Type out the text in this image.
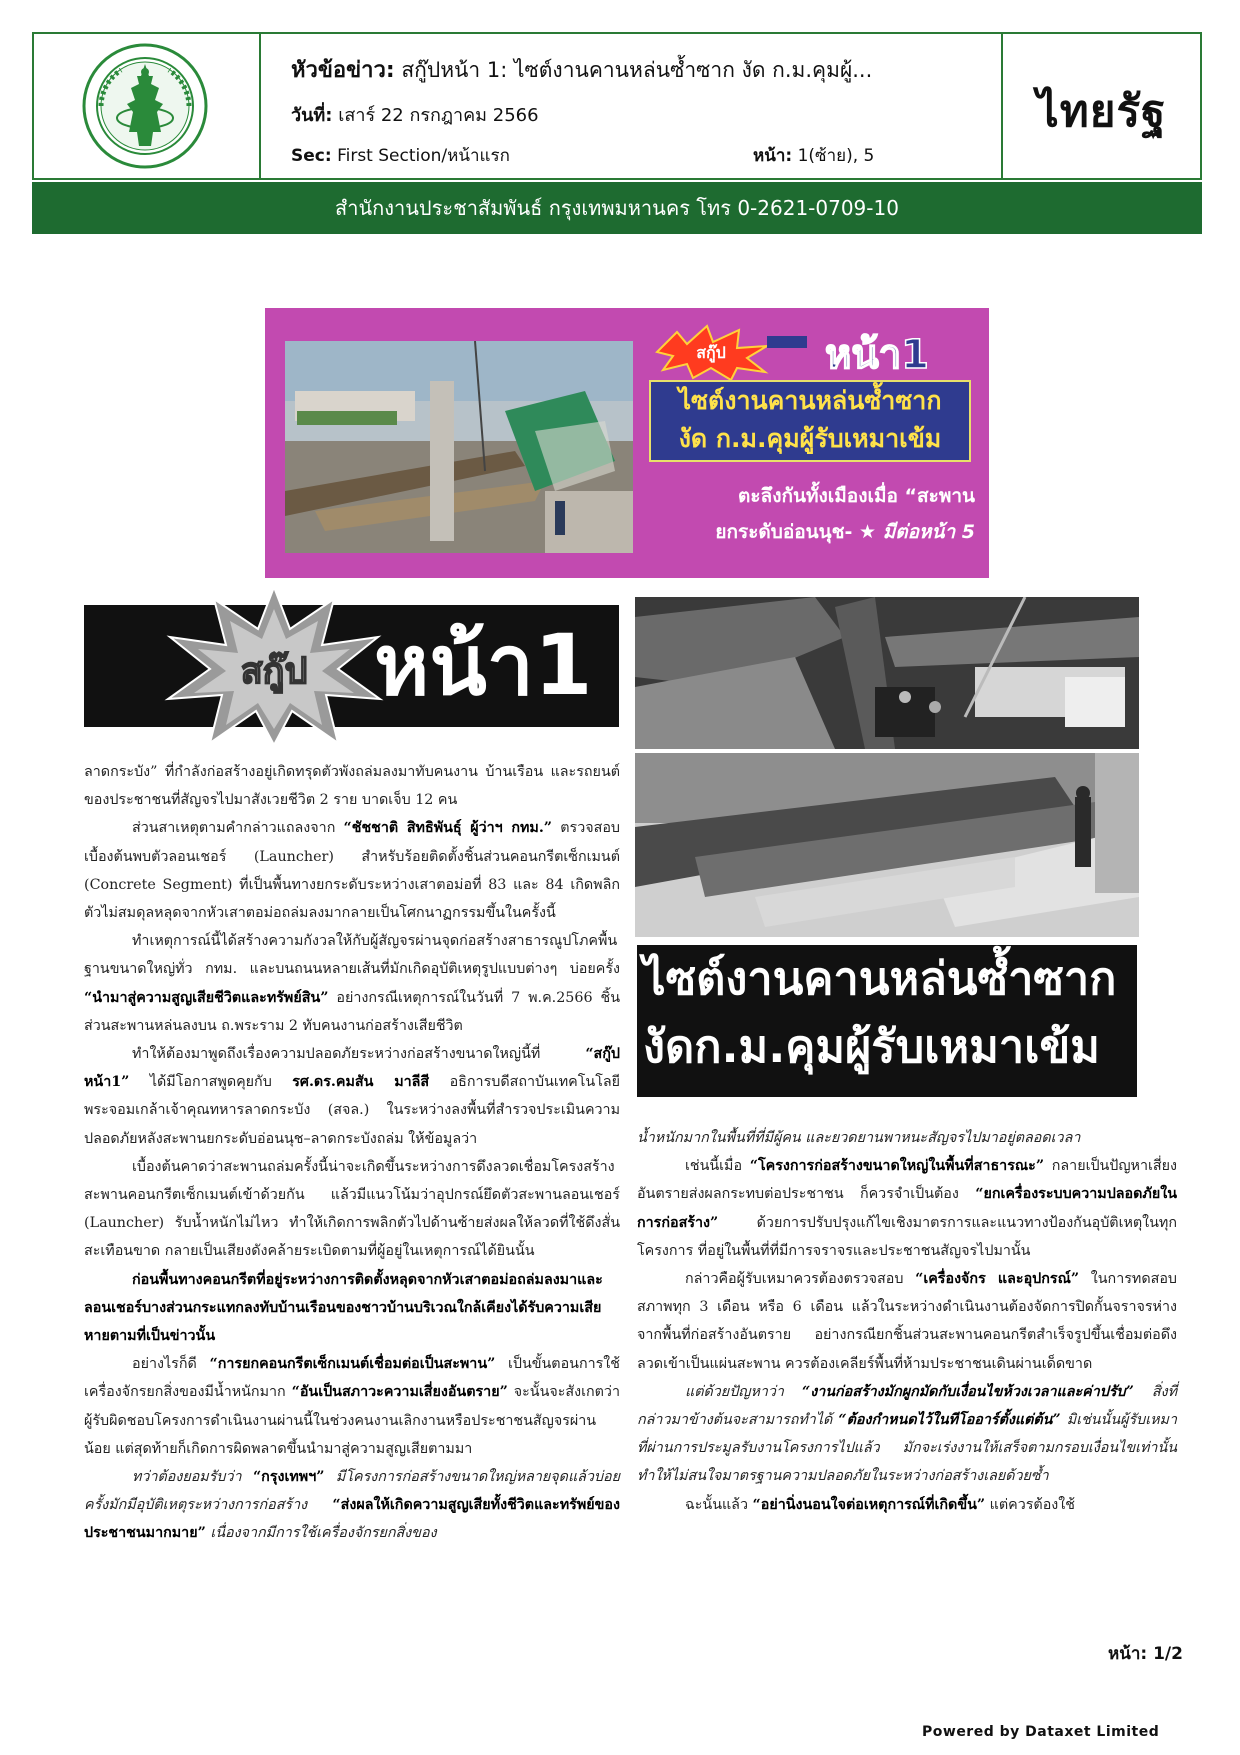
หัวข้อข่าว: สกู๊ปหน้า 1: ไซต์งานคานหล่นซ้ำซาก งัด ก.ม.คุมผู้...
วันที่: เสาร์ 22 กรกฎาคม 2566
Sec: First Section/หน้าแรก	หน้า: 1(ซ้าย), 5
ไทยรัฐ
สำนักงานประชาสัมพันธ์ กรุงเทพมหานคร โทร 0-2621-0709-10
สกู๊ป หน้า1
ไซต์งานคานหล่นซ้ำซาก
งัด ก.ม.คุมผู้รับเหมาเข้ม
ตะลึงกันทั้งเมืองเมื่อ “สะพาน
ยกระดับอ่อนนุช- ★ มีต่อหน้า 5
สกู๊ป หน้า1
ไซต์งานคานหล่นซ้ำซาก
งัดก.ม.คุมผู้รับเหมาเข้ม

ลาดกระบัง” ที่กำลังก่อสร้างอยู่เกิดทรุดตัวพังถล่มลงมาทับคนงาน บ้านเรือน และรถยนต์ของประชาชนที่สัญจรไปมาสังเวยชีวิต 2 ราย บาดเจ็บ 12 คน

ส่วนสาเหตุตามคำกล่าวแถลงจาก “ชัชชาติ สิทธิพันธุ์ ผู้ว่าฯ กทม.” ตรวจสอบเบื้องต้นพบตัวลอนเชอร์ (Launcher) สำหรับร้อยติดตั้งชิ้นส่วนคอนกรีตเซ็กเมนต์ (Concrete Segment) ที่เป็นพื้นทางยกระดับระหว่างเสาตอม่อที่ 83 และ 84 เกิดพลิกตัวไม่สมดุลหลุดจากหัวเสาตอม่อถล่มลงมากลายเป็นโศกนาฏกรรมขึ้นในครั้งนี้

ทำเหตุการณ์นี้ได้สร้างความกังวลให้กับผู้สัญจรผ่านจุดก่อสร้างสาธารณูปโภคพื้นฐานขนาดใหญ่ทั่ว กทม. และบนถนนหลายเส้นที่มักเกิดอุบัติเหตุรูปแบบต่างๆ บ่อยครั้ง “นำมาสู่ความสูญเสียชีวิตและทรัพย์สิน” อย่างกรณีเหตุการณ์ในวันที่ 7 พ.ค.2566 ชิ้นส่วนสะพานหล่นลงบน ถ.พระราม 2 ทับคนงานก่อสร้างเสียชีวิต

ทำให้ต้องมาพูดถึงเรื่องความปลอดภัยระหว่างก่อสร้างขนาดใหญ่นี้ที่ “สกู๊ปหน้า1” ได้มีโอกาสพูดคุยกับ รศ.ดร.คมสัน มาลีสี อธิการบดีสถาบันเทคโนโลยีพระจอมเกล้าเจ้าคุณทหารลาดกระบัง (สจล.) ในระหว่างลงพื้นที่สำรวจประเมินความปลอดภัยหลังสะพานยกระดับอ่อนนุช–ลาดกระบังถล่ม ให้ข้อมูลว่า

เบื้องต้นคาดว่าสะพานถล่มครั้งนี้น่าจะเกิดขึ้นระหว่างการดึงลวดเชื่อมโครงสร้างสะพานคอนกรีตเซ็กเมนต์เข้าด้วยกัน แล้วมีแนวโน้มว่าอุปกรณ์ยึดตัวสะพานลอนเชอร์ (Launcher) รับน้ำหนักไม่ไหว ทำให้เกิดการพลิกตัวไปด้านซ้ายส่งผลให้ลวดที่ใช้ดึงสั่นสะเทือนขาด กลายเป็นเสียงดังคล้ายระเบิดตามที่ผู้อยู่ในเหตุการณ์ได้ยินนั้น

ก่อนพื้นทางคอนกรีตที่อยู่ระหว่างการติดตั้งหลุดจากหัวเสาตอม่อถล่มลงมาและลอนเชอร์บางส่วนกระแทกลงทับบ้านเรือนของชาวบ้านบริเวณใกล้เคียงได้รับความเสียหายตามที่เป็นข่าวนั้น

อย่างไรก็ดี “การยกคอนกรีตเซ็กเมนต์เชื่อมต่อเป็นสะพาน” เป็นขั้นตอนการใช้เครื่องจักรยกสิ่งของมีน้ำหนักมาก “อันเป็นสภาวะความเสี่ยงอันตราย” จะนั้นจะสังเกตว่าผู้รับผิดชอบโครงการดำเนินงานผ่านนี้ในช่วงคนงานเลิกงานหรือประชาชนสัญจรผ่านน้อย แต่สุดท้ายก็เกิดการผิดพลาดขึ้นนำมาสู่ความสูญเสียตามมา

ทว่าต้องยอมรับว่า “กรุงเทพฯ” มีโครงการก่อสร้างขนาดใหญ่หลายจุดแล้วบ่อยครั้งมักมีอุบัติเหตุระหว่างการก่อสร้าง “ส่งผลให้เกิดความสูญเสียทั้งชีวิตและทรัพย์ของประชาชนมากมาย” เนื่องจากมีการใช้เครื่องจักรยกสิ่งของ

น้ำหนักมากในพื้นที่ที่มีผู้คน และยวดยานพาหนะสัญจรไปมาอยู่ตลอดเวลา

เช่นนี้เมื่อ “โครงการก่อสร้างขนาดใหญ่ในพื้นที่สาธารณะ” กลายเป็นปัญหาเสี่ยงอันตรายส่งผลกระทบต่อประชาชน ก็ควรจำเป็นต้อง “ยกเครื่องระบบความปลอดภัยในการก่อสร้าง” ด้วยการปรับปรุงแก้ไขเชิงมาตรการและแนวทางป้องกันอุบัติเหตุในทุกโครงการ ที่อยู่ในพื้นที่ที่มีการจราจรและประชาชนสัญจรไปมานั้น

กล่าวคือผู้รับเหมาควรต้องตรวจสอบ “เครื่องจักร และอุปกรณ์” ในการทดสอบสภาพทุก 3 เดือน หรือ 6 เดือน แล้วในระหว่างดำเนินงานต้องจัดการปิดกั้นจราจรห่างจากพื้นที่ก่อสร้างอันตราย อย่างกรณียกชิ้นส่วนสะพานคอนกรีตสำเร็จรูปขึ้นเชื่อมต่อดึงลวดเข้าเป็นแผ่นสะพาน ควรต้องเคลียร์พื้นที่ห้ามประชาชนเดินผ่านเด็ดขาด

แต่ด้วยปัญหาว่า “งานก่อสร้างมักผูกมัดกับเงื่อนไขห้วงเวลาและค่าปรับ” สิ่งที่กล่าวมาข้างต้นจะสามารถทำได้ “ต้องกำหนดไว้ในทีโออาร์ตั้งแต่ต้น” มิเช่นนั้นผู้รับเหมาที่ผ่านการประมูลรับงานโครงการไปแล้ว มักจะเร่งงานให้เสร็จตามกรอบเงื่อนไขเท่านั้น ทำให้ไม่สนใจมาตรฐานความปลอดภัยในระหว่างก่อสร้างเลยด้วยซ้ำ

ฉะนั้นแล้ว “อย่านิ่งนอนใจต่อเหตุการณ์ที่เกิดขึ้น” แต่ควรต้องใช้

หน้า: 1/2
Powered by Dataxet Limited
